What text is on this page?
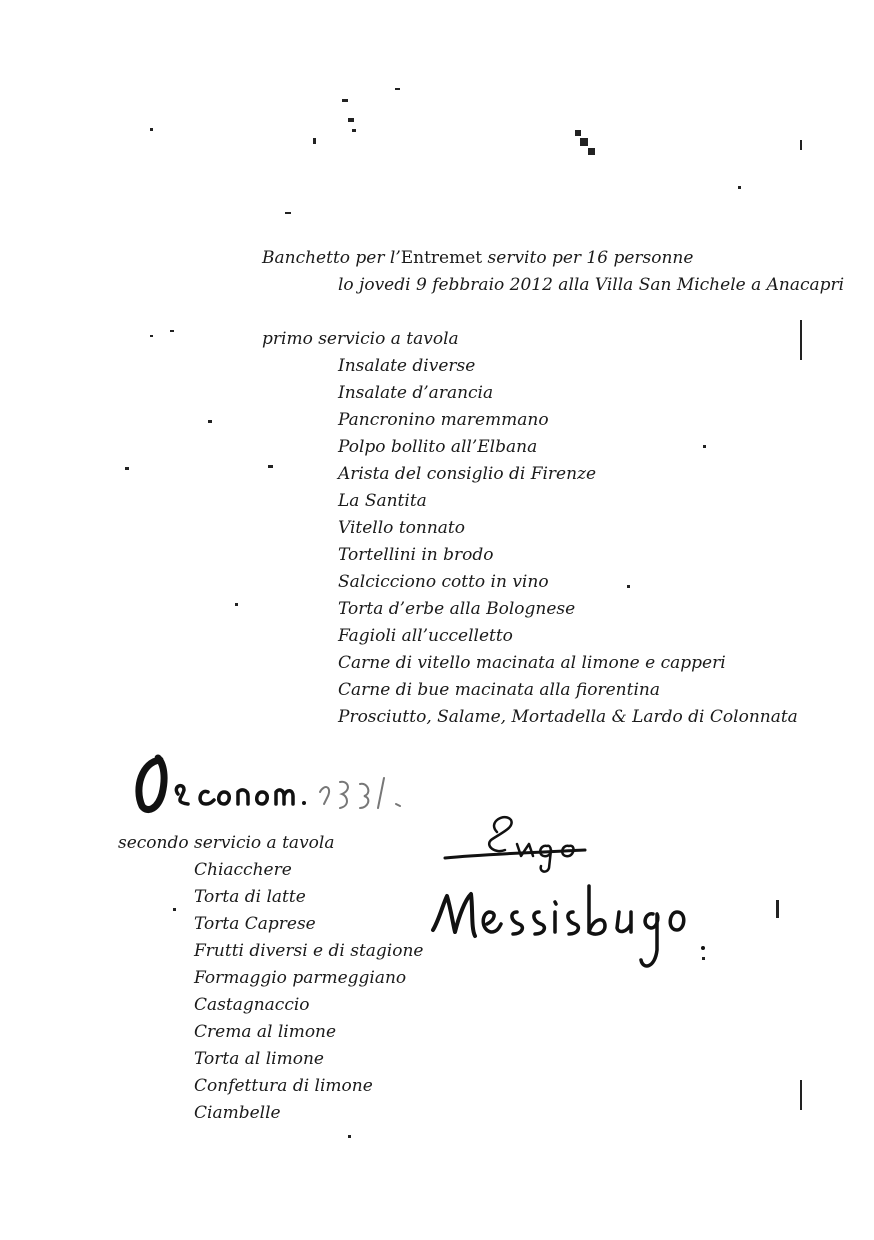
Banchetto per l’Entremet servito per 16 personne
lo jovedi 9 febbraio 2012 alla Villa San Michele a Anacapri
primo servicio a tavola
Insalate diverse
Insalate d’arancia
Pancronino maremmano
Polpo bollito all’Elbana
Arista del consiglio di Firenze
La Santita
Vitello tonnato
Tortellini in brodo
Salcicciono cotto in vino
Torta d’erbe alla Bolognese
Fagioli all’uccelletto
Carne di vitello macinata al limone e capperi
Carne di bue macinata alla fiorentina
Prosciutto, Salame, Mortadella & Lardo di Colonnata
secondo servicio a tavola
Chiacchere
Torta di latte
Torta Caprese
Frutti diversi e di stagione
Formaggio parmeggiano
Castagnaccio
Crema al limone
Torta al limone
Confettura di limone
Ciambelle
